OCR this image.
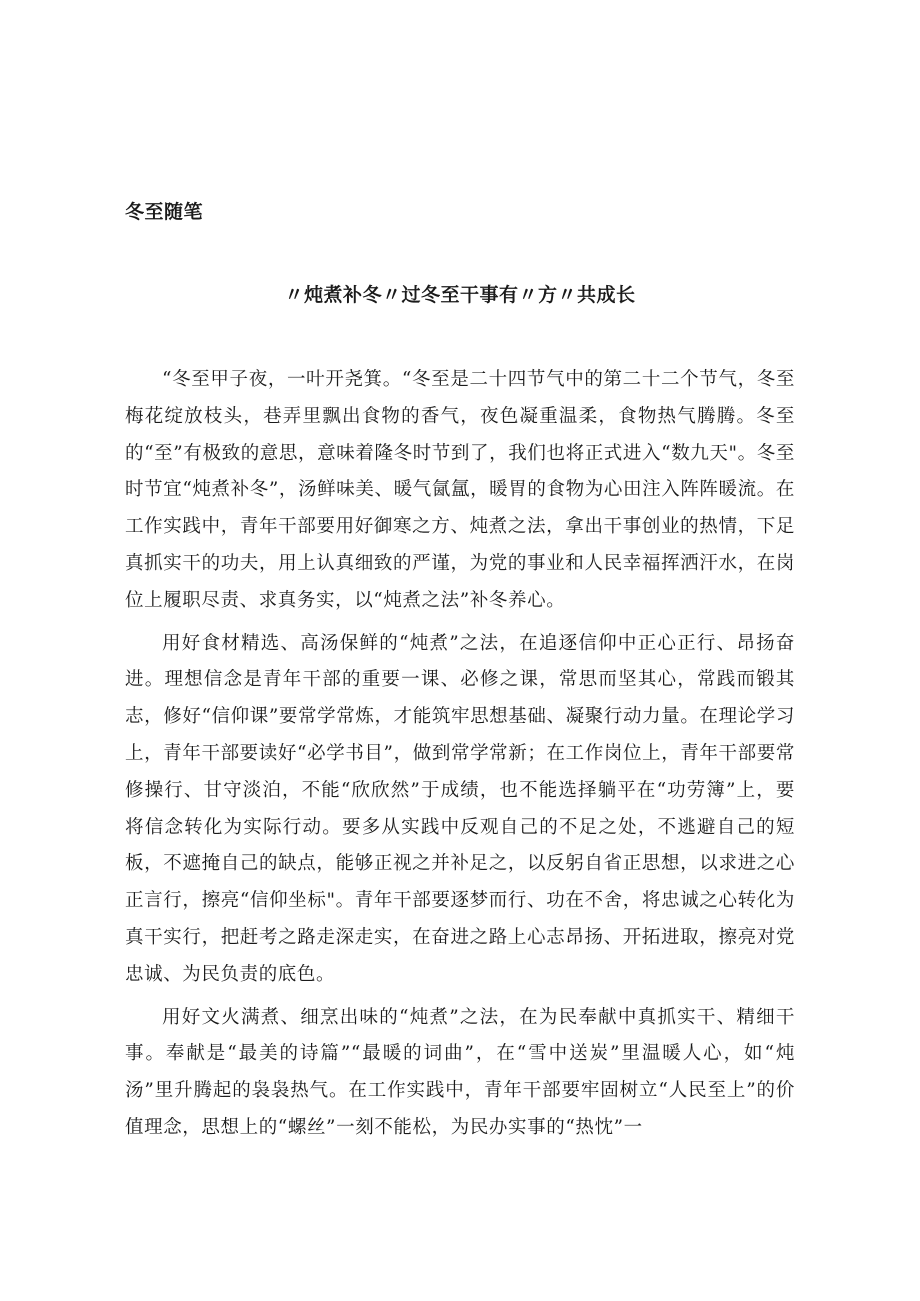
冬至随笔
〃炖煮补冬〃过冬至干事有〃方〃共成长

“冬至甲子夜，一叶开尧箕。“冬至是二十四节气中的第二十二个节气，冬至梅花绽放枝头，巷弄里飘出食物的香气，夜色凝重温柔，食物热气腾腾。冬至的“至”有极致的意思，意味着隆冬时节到了，我们也将正式进入“数九天"。冬至时节宜“炖煮补冬”，汤鲜味美、暖气氤氲，暖胃的食物为心田注入阵阵暖流。在工作实践中，青年干部要用好御寒之方、炖煮之法，拿出干事创业的热情，下足真抓实干的功夫，用上认真细致的严谨，为党的事业和人民幸福挥洒汗水，在岗位上履职尽责、求真务实，以“炖煮之法”补冬养心。

用好食材精选、高汤保鲜的“炖煮”之法，在追逐信仰中正心正行、昂扬奋进。理想信念是青年干部的重要一课、必修之课，常思而坚其心，常践而锻其志，修好“信仰课”要常学常炼，才能筑牢思想基础、凝聚行动力量。在理论学习上，青年干部要读好“必学书目”，做到常学常新；在工作岗位上，青年干部要常修操行、甘守淡泊，不能“欣欣然”于成绩，也不能选择躺平在“功劳簿”上，要将信念转化为实际行动。要多从实践中反观自己的不足之处，不逃避自己的短板，不遮掩自己的缺点，能够正视之并补足之，以反躬自省正思想，以求进之心正言行，擦亮“信仰坐标"。青年干部要逐梦而行、功在不舍，将忠诚之心转化为真干实行，把赶考之路走深走实，在奋进之路上心志昂扬、开拓进取，擦亮对党忠诚、为民负责的底色。

用好文火满煮、细烹出味的“炖煮”之法，在为民奉献中真抓实干、精细干事。奉献是“最美的诗篇”“最暖的词曲”，在“雪中送炭”里温暖人心，如“炖汤”里升腾起的袅袅热气。在工作实践中，青年干部要牢固树立“人民至上”的价值理念，思想上的“螺丝”一刻不能松，为民办实事的“热忱”一
